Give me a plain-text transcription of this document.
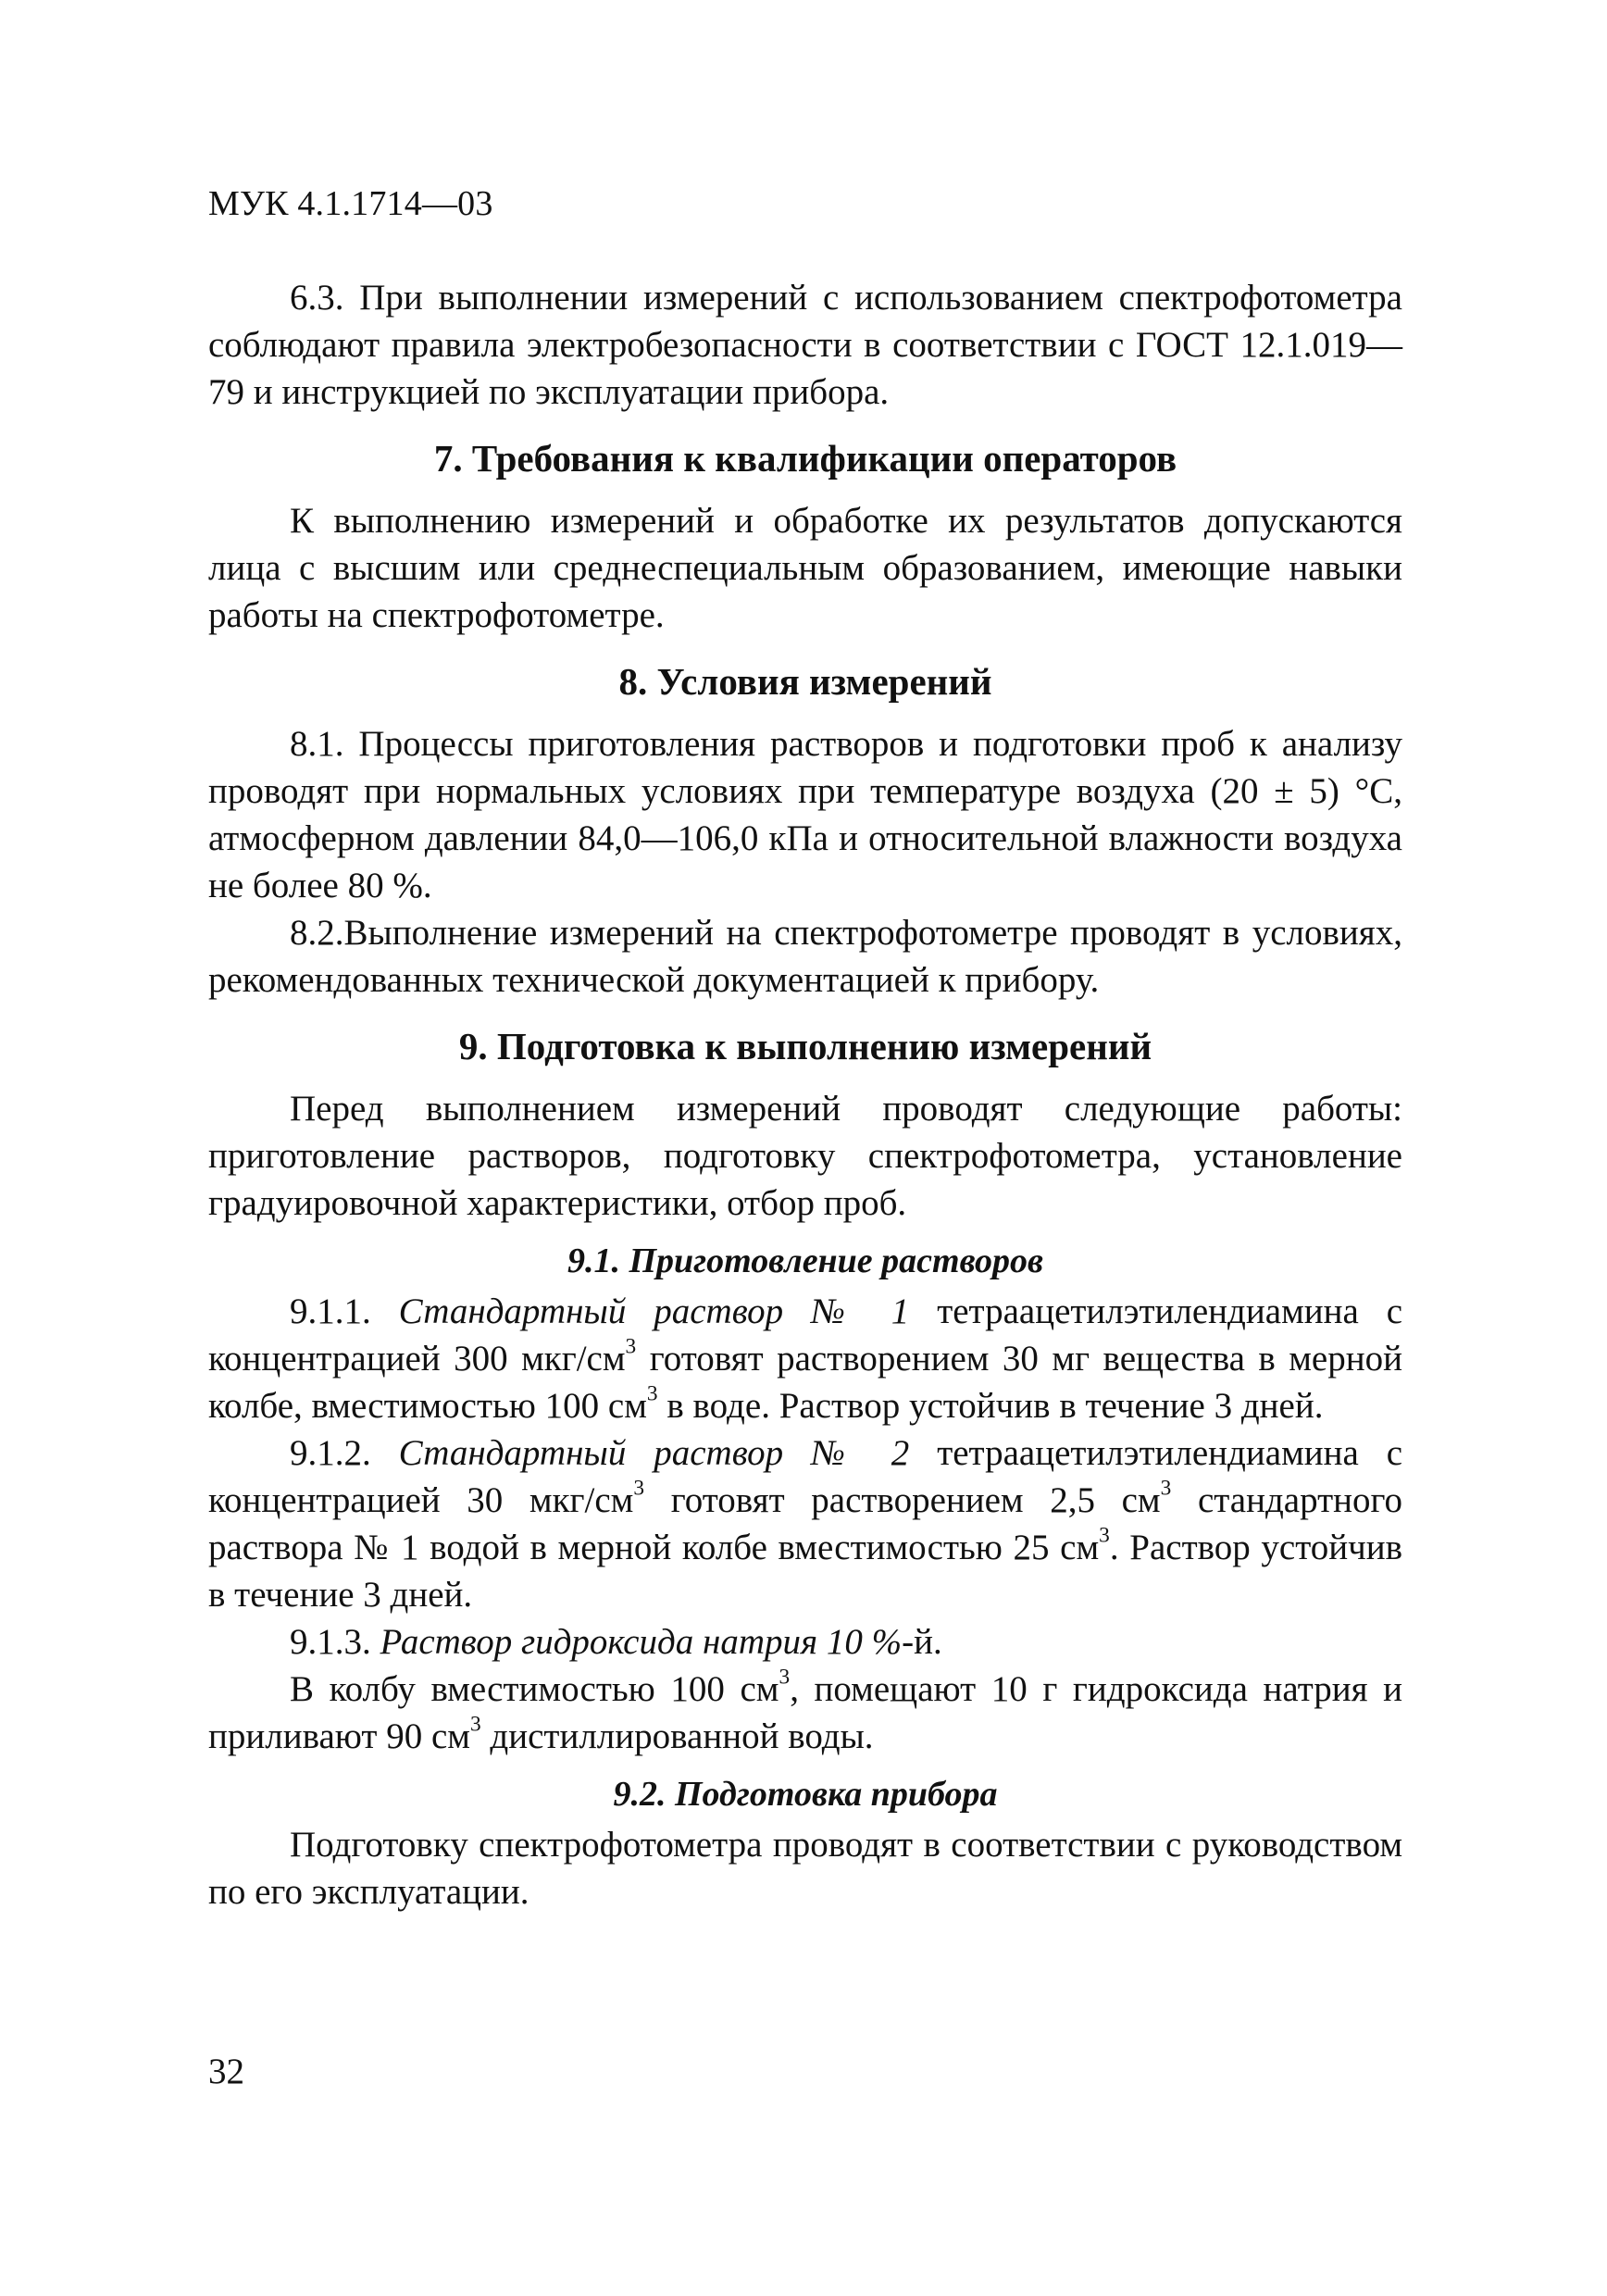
МУК 4.1.1714—03

6.3. При выполнении измерений с использованием спектрофотометра соблюдают правила электробезопасности в соответствии с ГОСТ 12.1.019—79 и инструкцией по эксплуатации прибора.

7. Требования к квалификации операторов

К выполнению измерений и обработке их результатов допускаются лица с высшим или среднеспециальным образованием, имеющие навыки работы на спектрофотометре.

8. Условия измерений

8.1. Процессы приготовления растворов и подготовки проб к анализу проводят при нормальных условиях при температуре воздуха (20 ± 5) °С, атмосферном давлении 84,0—106,0 кПа и относительной влажности воздуха не более 80 %.

8.2.Выполнение измерений на спектрофотометре проводят в условиях, рекомендованных технической документацией к прибору.

9. Подготовка к выполнению измерений

Перед выполнением измерений проводят следующие работы: приготовление растворов, подготовку спектрофотометра, установление градуировочной характеристики, отбор проб.

9.1. Приготовление растворов

9.1.1. Стандартный раствор № 1 тетраацетилэтилендиамина с концентрацией 300 мкг/$см^3$ готовят растворением 30 мг вещества в мерной колбе, вместимостью 100 $см^3$ в воде. Раствор устойчив в течение 3 дней.

9.1.2. Стандартный раствор № 2 тетраацетилэтилендиамина с концентрацией 30 мкг/$см^3$ готовят растворением 2,5 $см^3$ стандартного раствора № 1 водой в мерной колбе вместимостью 25 $см^3$. Раствор устойчив в течение 3 дней.

9.1.3. Раствор гидроксида натрия 10 %-й.

В колбу вместимостью 100 $см^3$, помещают 10 г гидроксида натрия и приливают 90 $см^3$ дистиллированной воды.

9.2. Подготовка прибора

Подготовку спектрофотометра проводят в соответствии с руководством по его эксплуатации.

32
